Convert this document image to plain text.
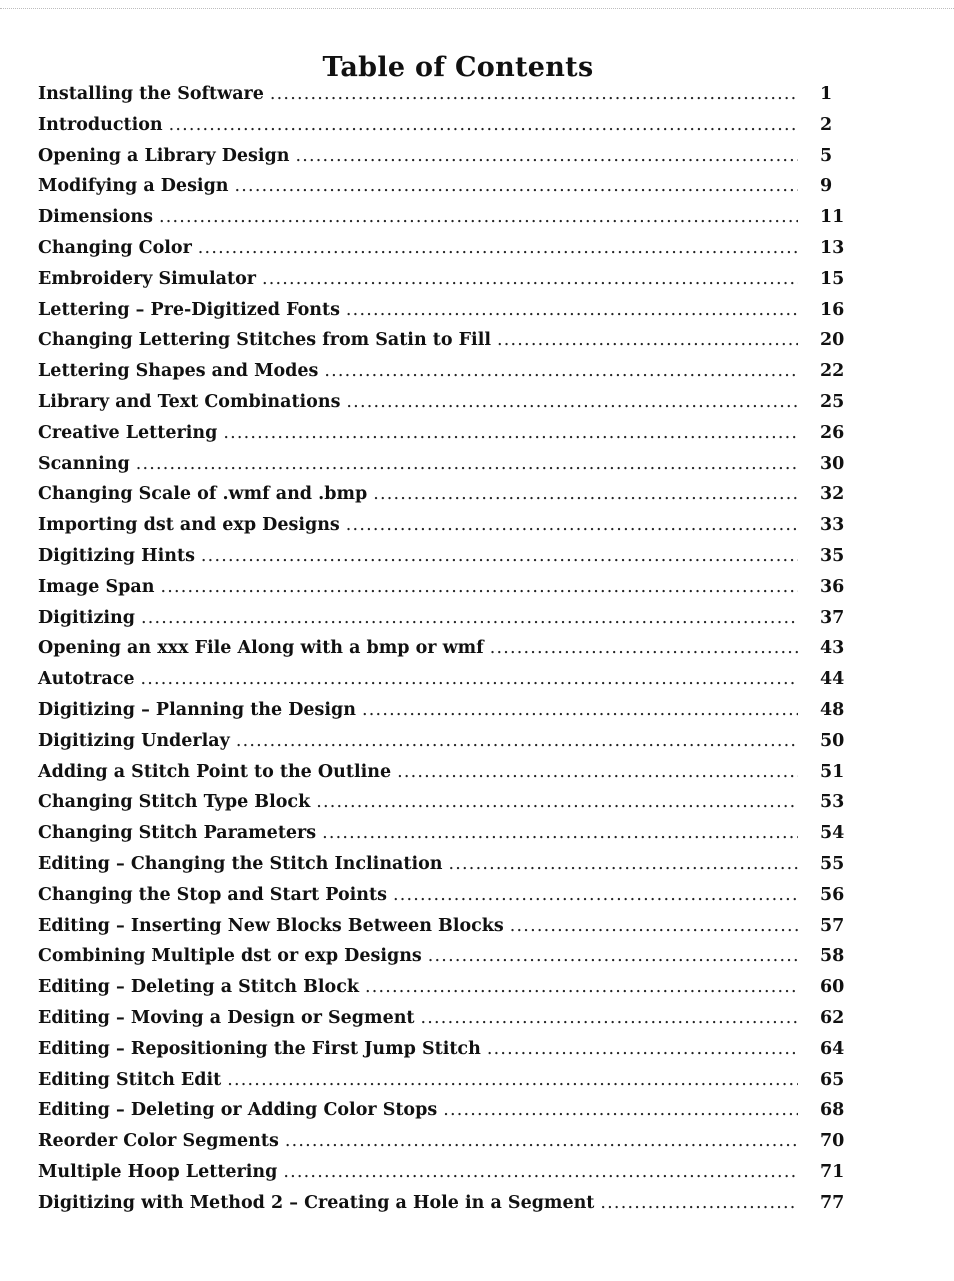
Table of Contents
Installing the Software .....	1
Introduction .....	2
Opening a Library Design .....	5
Modifying a Design .....	9
Dimensions .....	11
Changing Color .....	13
Embroidery Simulator .....	15
Lettering – Pre-Digitized Fonts .....	16
Changing Lettering Stitches from Satin to Fill .....	20
Lettering Shapes and Modes .....	22
Library and Text Combinations .....	25
Creative Lettering .....	26
Scanning .....	30
Changing Scale of .wmf and .bmp .....	32
Importing dst and exp Designs .....	33
Digitizing Hints .....	35
Image Span .....	36
Digitizing .....	37
Opening an xxx File Along with a bmp or wmf .....	43
Autotrace .....	44
Digitizing – Planning the Design .....	48
Digitizing Underlay .....	50
Adding a Stitch Point to the Outline .....	51
Changing Stitch Type Block .....	53
Changing Stitch Parameters .....	54
Editing – Changing the Stitch Inclination .....	55
Changing the Stop and Start Points .....	56
Editing – Inserting New Blocks Between Blocks .....	57
Combining Multiple dst or exp Designs .....	58
Editing – Deleting a Stitch Block .....	60
Editing – Moving a Design or Segment .....	62
Editing – Repositioning the First Jump Stitch .....	64
Editing Stitch Edit .....	65
Editing – Deleting or Adding Color Stops .....	68
Reorder Color Segments .....	70
Multiple Hoop Lettering .....	71
Digitizing with Method 2 – Creating a Hole in a Segment .....	77
